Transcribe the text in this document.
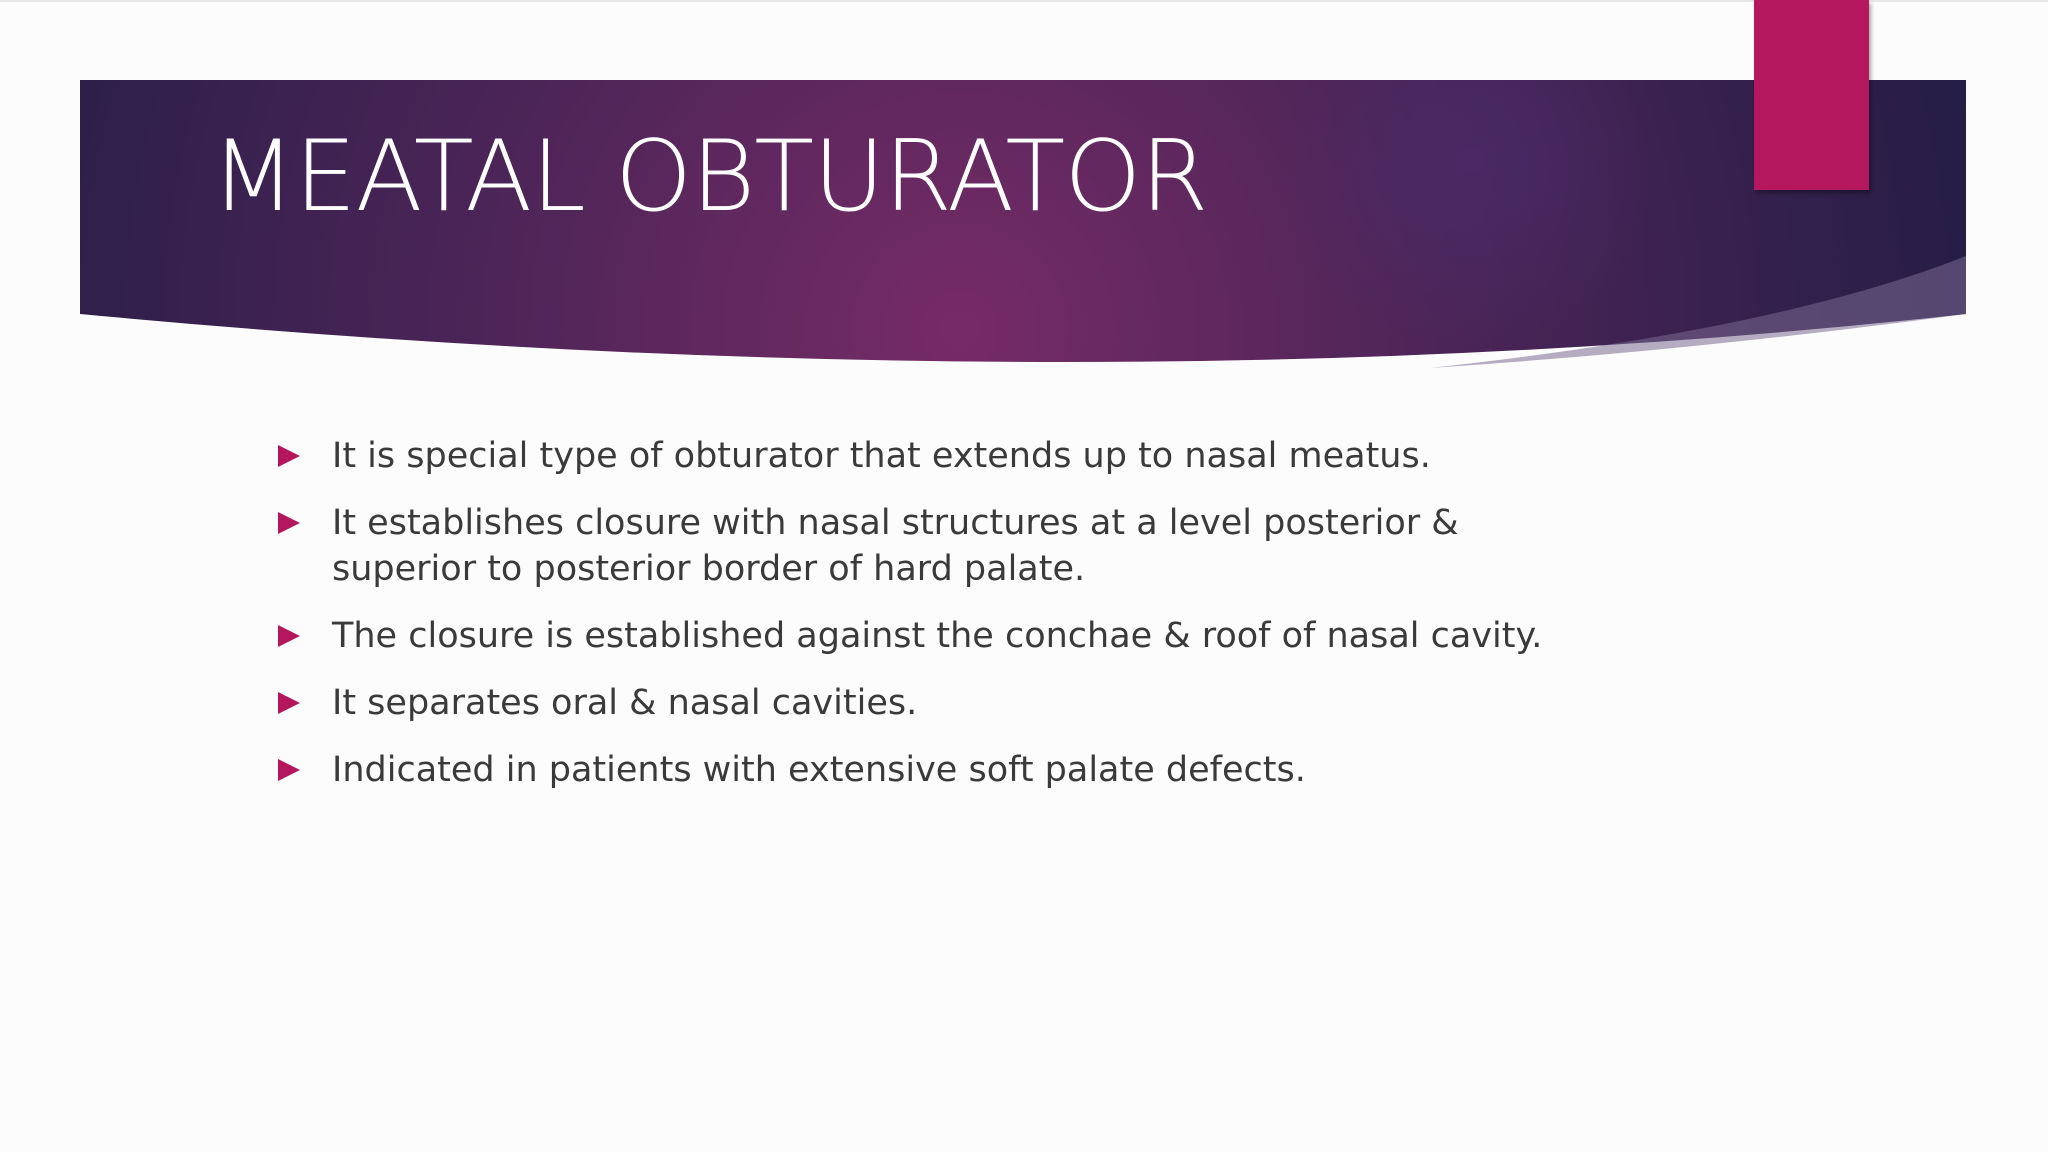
MEATAL OBTURATOR
It is special type of obturator that extends up to nasal meatus.
It establishes closure with nasal structures at a level posterior & superior to posterior border of hard palate.
The closure is established against the conchae & roof of nasal cavity.
It separates oral & nasal cavities.
Indicated in patients with extensive soft palate defects.
